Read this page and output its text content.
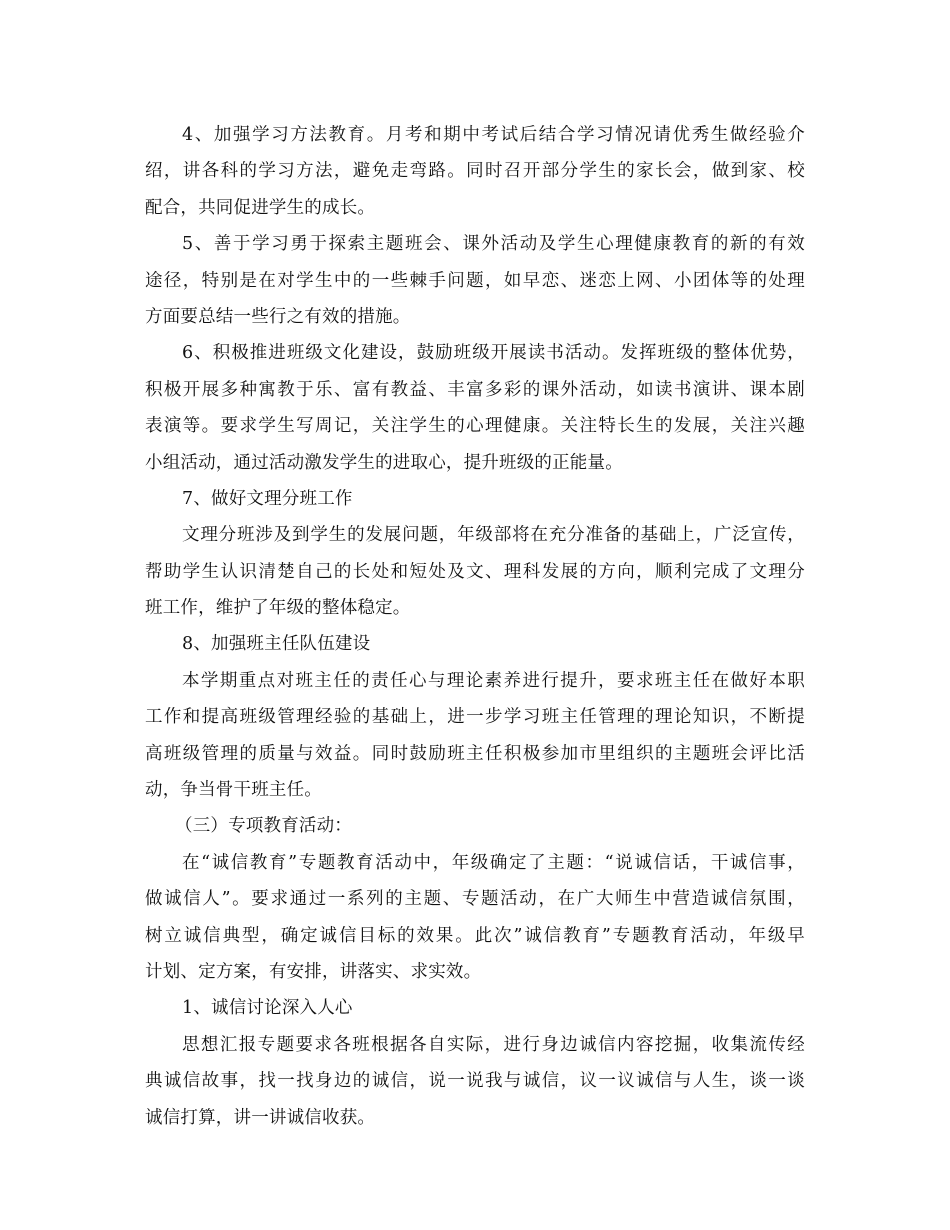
4、加强学习方法教育。月考和期中考试后结合学习情况请优秀生做经验介
绍，讲各科的学习方法，避免走弯路。同时召开部分学生的家长会，做到家、校
配合，共同促进学生的成长。
5、善于学习勇于探索主题班会、课外活动及学生心理健康教育的新的有效
途径，特别是在对学生中的一些棘手问题，如早恋、迷恋上网、小团体等的处理
方面要总结一些行之有效的措施。
6、积极推进班级文化建设，鼓励班级开展读书活动。发挥班级的整体优势，
积极开展多种寓教于乐、富有教益、丰富多彩的课外活动，如读书演讲、课本剧
表演等。要求学生写周记，关注学生的心理健康。关注特长生的发展，关注兴趣
小组活动，通过活动激发学生的进取心，提升班级的正能量。
7、做好文理分班工作
文理分班涉及到学生的发展问题，年级部将在充分准备的基础上，广泛宣传，
帮助学生认识清楚自己的长处和短处及文、理科发展的方向，顺利完成了文理分
班工作，维护了年级的整体稳定。
8、加强班主任队伍建设
本学期重点对班主任的责任心与理论素养进行提升，要求班主任在做好本职
工作和提高班级管理经验的基础上，进一步学习班主任管理的理论知识，不断提
高班级管理的质量与效益。同时鼓励班主任积极参加市里组织的主题班会评比活
动，争当骨干班主任。
（三）专项教育活动：
在“诚信教育”专题教育活动中，年级确定了主题：“说诚信话，干诚信事，
做诚信人”。要求通过一系列的主题、专题活动，在广大师生中营造诚信氛围，
树立诚信典型，确定诚信目标的效果。此次”诚信教育”专题教育活动，年级早
计划、定方案，有安排，讲落实、求实效。
1、诚信讨论深入人心
思想汇报专题要求各班根据各自实际，进行身边诚信内容挖掘，收集流传经
典诚信故事，找一找身边的诚信，说一说我与诚信，议一议诚信与人生，谈一谈
诚信打算，讲一讲诚信收获。
